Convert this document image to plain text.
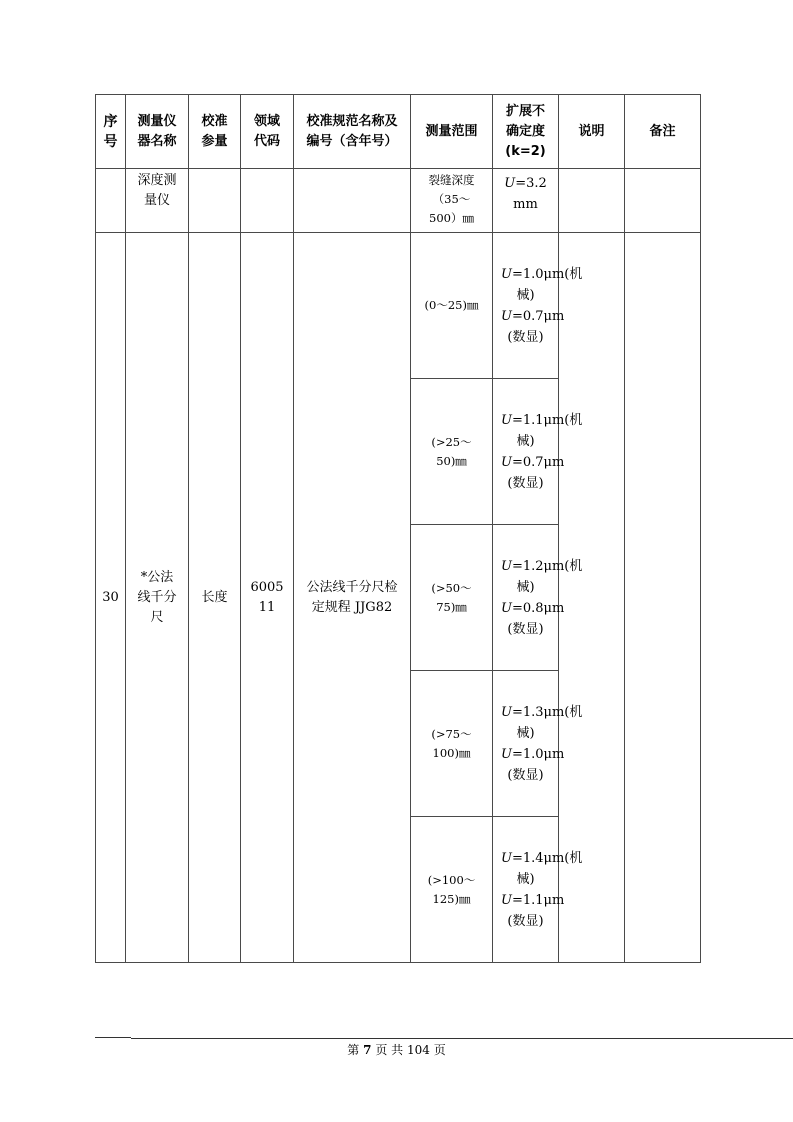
序号	测量仪器名称	校准参量	领域代码	校准规范名称及编号（含年号）	测量范围	扩展不确定度(k=2)	说明	备注
	深度测量仪				裂缝深度（35～500）㎜	U=3.2 mm		
30	*公法线千分尺	长度	600511	公法线千分尺检定规程 JJG82	(0～25)㎜	U=1.0μm(机械)
U=0.7μm (数显)		
					(>25～50)㎜	U=1.1μm(机械)
U=0.7μm (数显)		
					(>50～75)㎜	U=1.2μm(机械)
U=0.8μm (数显)		
					(>75～100)㎜	U=1.3μm(机械)
U=1.0μm (数显)		
					(>100～125)㎜	U=1.4μm(机械)
U=1.1μm (数显)		
第 7 页 共 104 页
